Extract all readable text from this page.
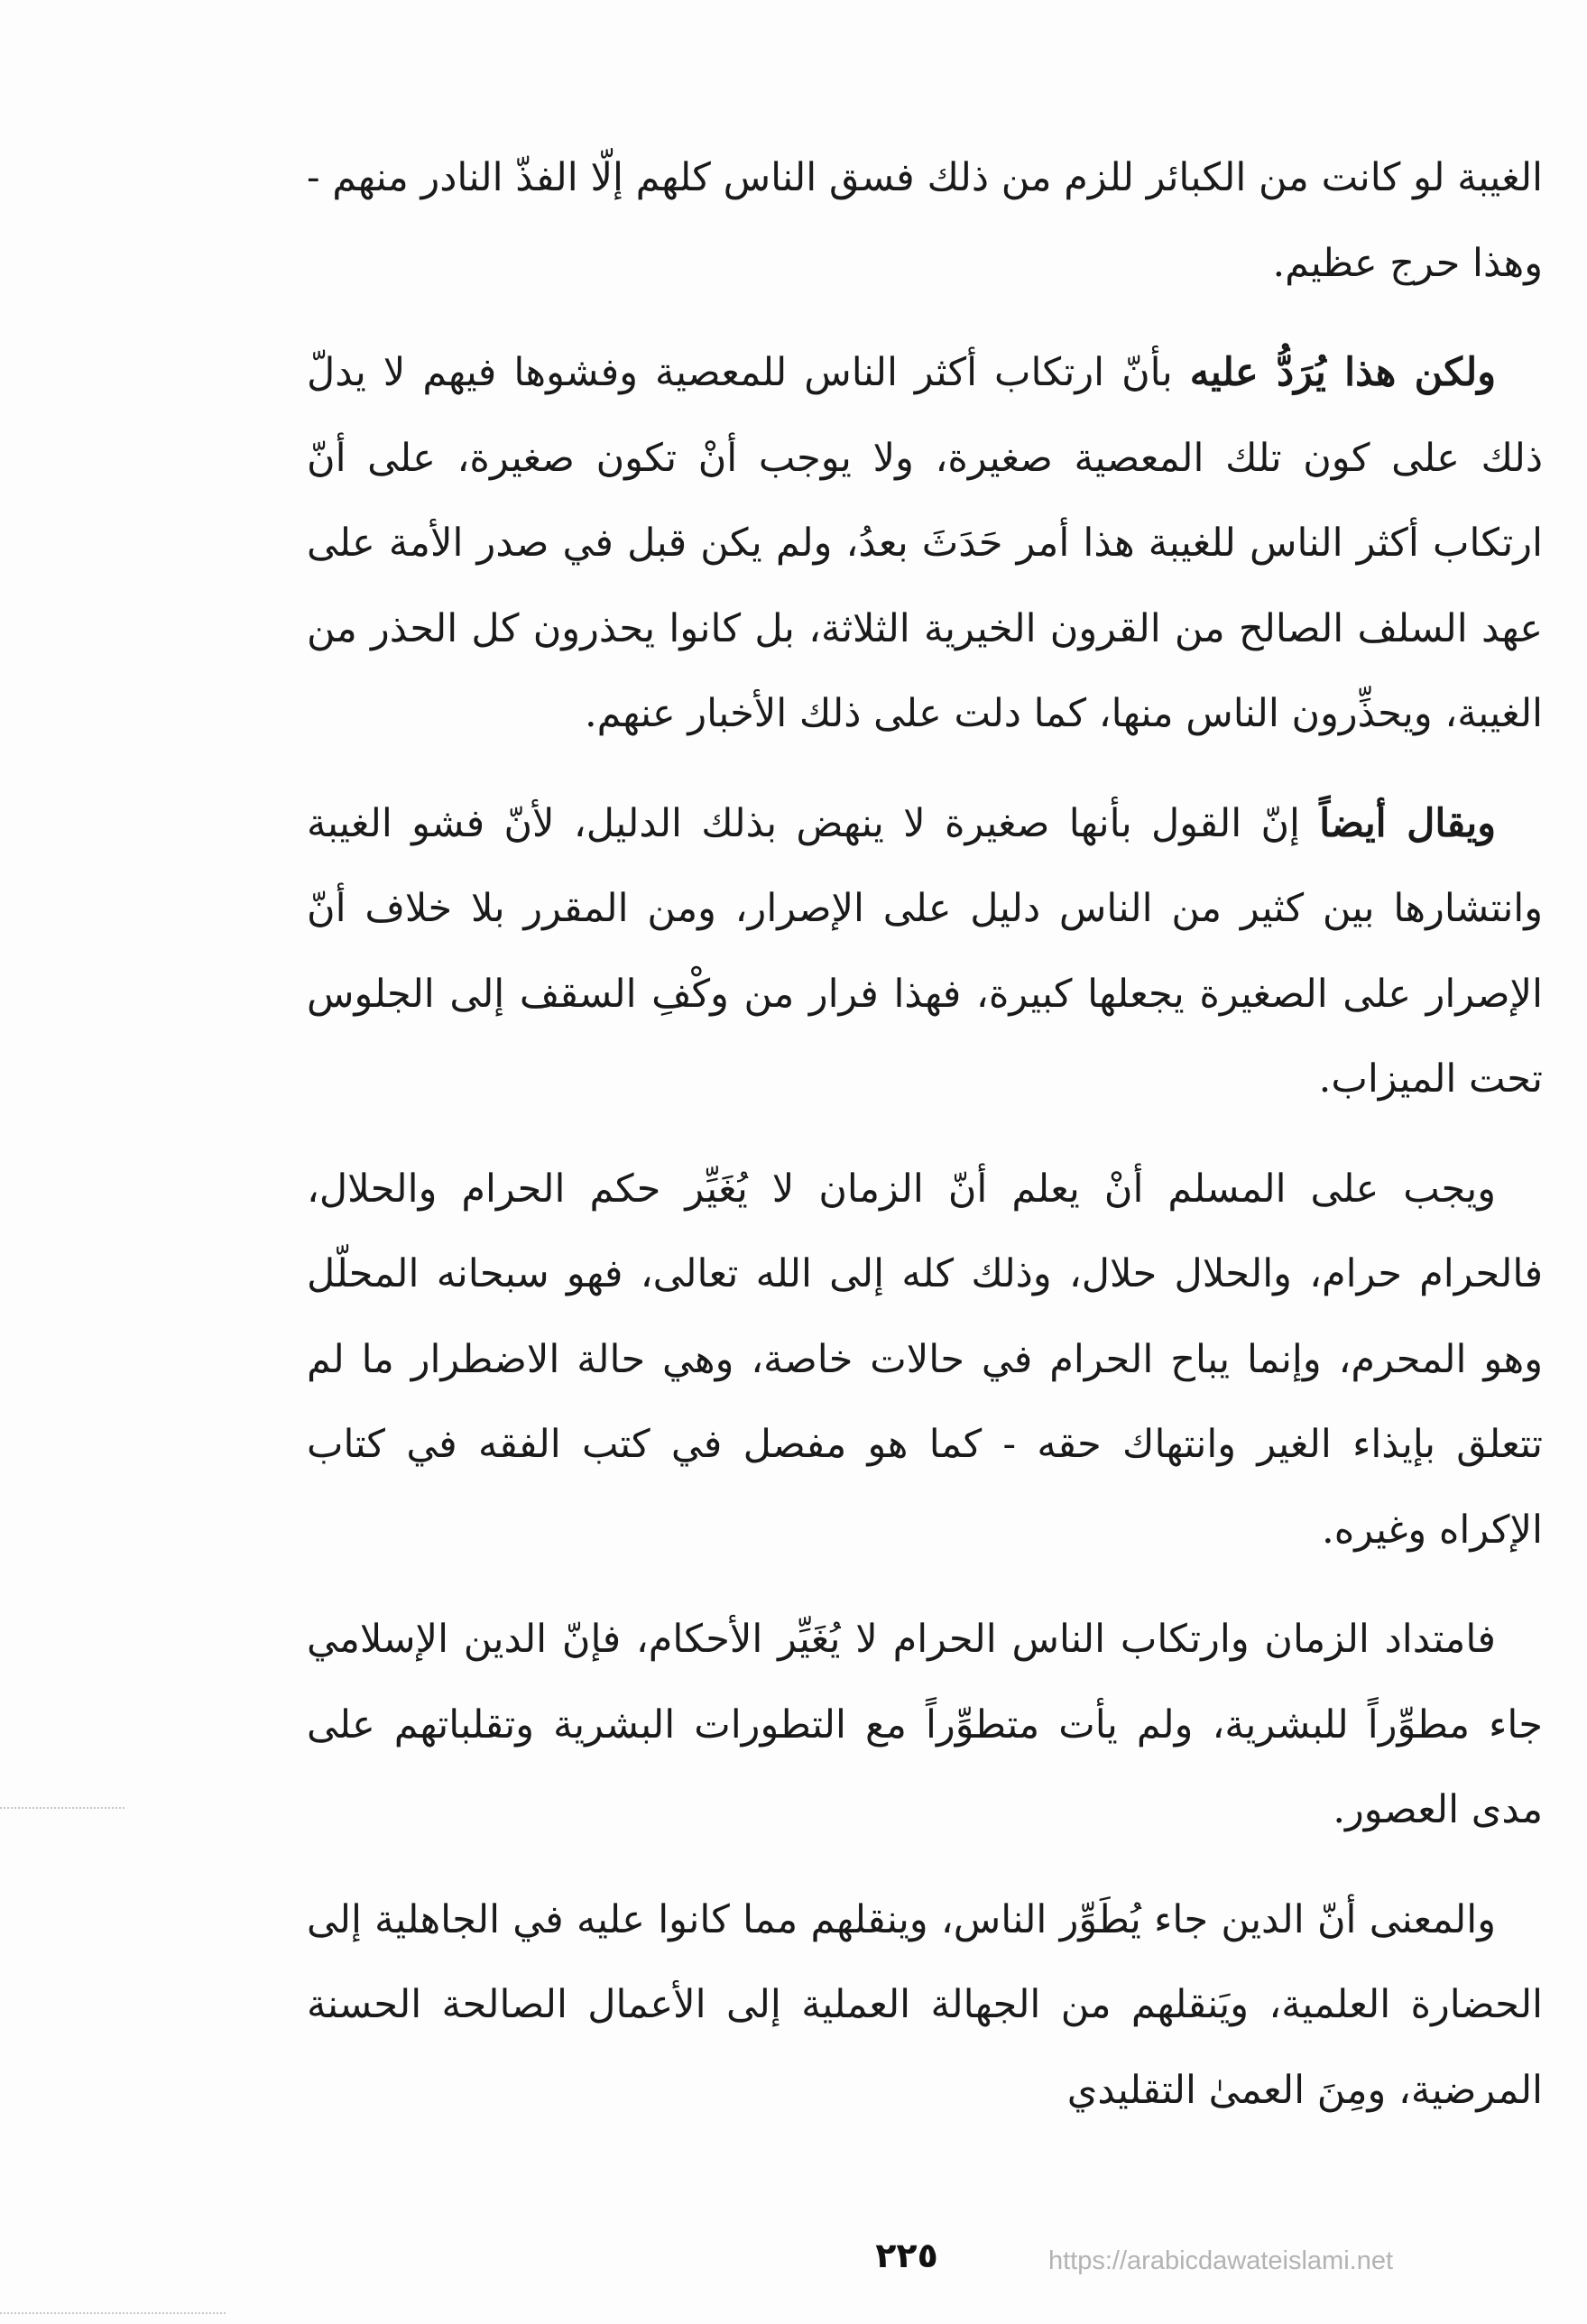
الغيبة لو كانت من الكبائر للزم من ذلك فسق الناس كلهم إلّا الفذّ النادر منهم - وهذا حرج عظيم.

ولكن هذا يُرَدُّ عليه بأنّ ارتكاب أكثر الناس للمعصية وفشوها فيهم لا يدلّ ذلك على كون تلك المعصية صغيرة، ولا يوجب أنْ تكون صغيرة، على أنّ ارتكاب أكثر الناس للغيبة هذا أمر حَدَثَ بعدُ، ولم يكن قبل في صدر الأمة على عهد السلف الصالح من القرون الخيرية الثلاثة، بل كانوا يحذرون كل الحذر من الغيبة، ويحذِّرون الناس منها، كما دلت على ذلك الأخبار عنهم.

ويقال أيضاً إنّ القول بأنها صغيرة لا ينهض بذلك الدليل، لأنّ فشو الغيبة وانتشارها بين كثير من الناس دليل على الإصرار، ومن المقرر بلا خلاف أنّ الإصرار على الصغيرة يجعلها كبيرة، فهذا فرار من وكْفِ السقف إلى الجلوس تحت الميزاب.

ويجب على المسلم أنْ يعلم أنّ الزمان لا يُغَيِّر حكم الحرام والحلال، فالحرام حرام، والحلال حلال، وذلك كله إلى الله تعالى، فهو سبحانه المحلّل وهو المحرم، وإنما يباح الحرام في حالات خاصة، وهي حالة الاضطرار ما لم تتعلق بإيذاء الغير وانتهاك حقه - كما هو مفصل في كتب الفقه في كتاب الإكراه وغيره.

فامتداد الزمان وارتكاب الناس الحرام لا يُغَيِّر الأحكام، فإنّ الدين الإسلامي جاء مطوِّراً للبشرية، ولم يأت متطوِّراً مع التطورات البشرية وتقلباتهم على مدى العصور.

والمعنى أنّ الدين جاء يُطَوِّر الناس، وينقلهم مما كانوا عليه في الجاهلية إلى الحضارة العلمية، ويَنقلهم من الجهالة العملية إلى الأعمال الصالحة الحسنة المرضية، ومِنَ العمىٰ التقليدي

٢٢٥	https://arabicdawateislami.net
